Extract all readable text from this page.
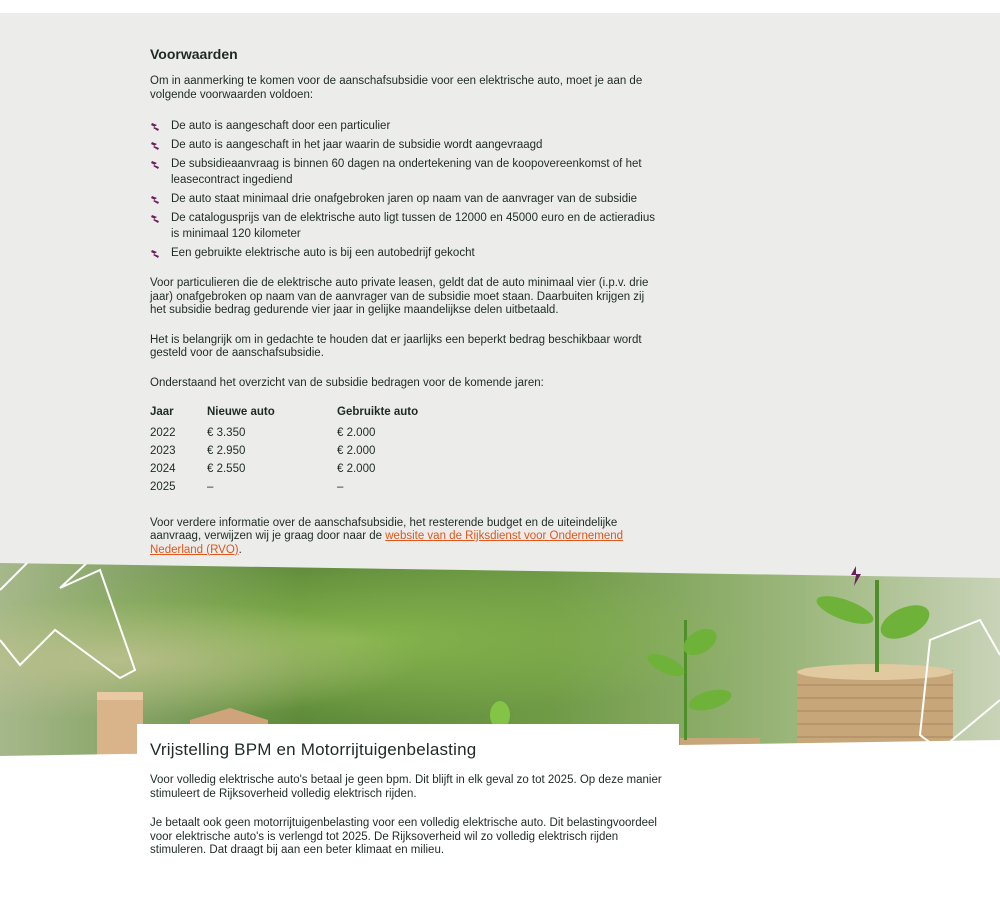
Voorwaarden

Om in aanmerking te komen voor de aanschafsubsidie voor een elektrische auto, moet je aan de volgende voorwaarden voldoen:

De auto is aangeschaft door een particulier
De auto is aangeschaft in het jaar waarin de subsidie wordt aangevraagd
De subsidieaanvraag is binnen 60 dagen na ondertekening van de koopovereenkomst of het leasecontract ingediend
De auto staat minimaal drie onafgebroken jaren op naam van de aanvrager van de subsidie
De catalogusprijs van de elektrische auto ligt tussen de 12000 en 45000 euro en de actieradius is minimaal 120 kilometer
Een gebruikte elektrische auto is bij een autobedrijf gekocht

Voor particulieren die de elektrische auto private leasen, geldt dat de auto minimaal vier (i.p.v. drie jaar) onafgebroken op naam van de aanvrager van de subsidie moet staan. Daarbuiten krijgen zij het subsidie bedrag gedurende vier jaar in gelijke maandelijkse delen uitbetaald.

Het is belangrijk om in gedachte te houden dat er jaarlijks een beperkt bedrag beschikbaar wordt gesteld voor de aanschafsubsidie.

Onderstaand het overzicht van de subsidie bedragen voor de komende jaren:

Jaar	Nieuwe auto	Gebruikte auto
2022	€ 3.350	€ 2.000
2023	€ 2.950	€ 2.000
2024	€ 2.550	€ 2.000
2025	–	–

Voor verdere informatie over de aanschafsubsidie, het resterende budget en de uiteindelijke aanvraag, verwijzen wij je graag door naar de website van de Rijksdienst voor Ondernemend Nederland (RVO).

Vrijstelling BPM en Motorrijtuigenbelasting

Voor volledig elektrische auto's betaal je geen bpm. Dit blijft in elk geval zo tot 2025. Op deze manier stimuleert de Rijksoverheid volledig elektrisch rijden.

Je betaalt ook geen motorrijtuigenbelasting voor een volledig elektrische auto. Dit belastingvoordeel voor elektrische auto's is verlengd tot 2025. De Rijksoverheid wil zo volledig elektrisch rijden stimuleren. Dat draagt bij aan een beter klimaat en milieu.
